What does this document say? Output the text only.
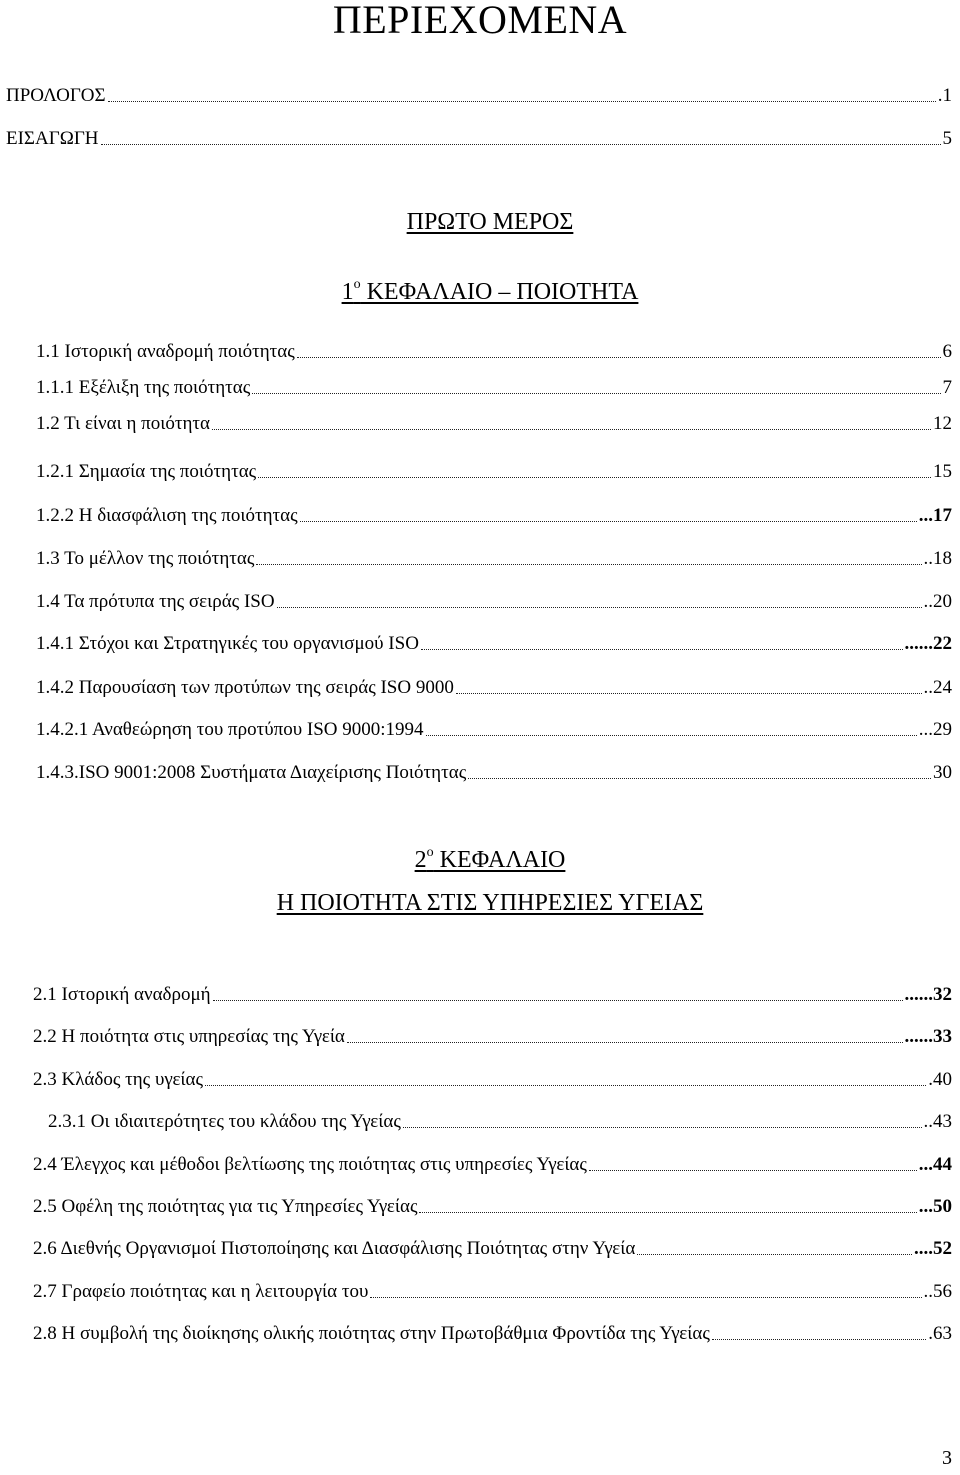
ΠΕΡΙΕΧΟΜΕΝΑ
ΠΡΟΛΟΓΟΣ	.1
ΕΙΣΑΓΩΓΗ	5
ΠΡΩΤΟ ΜΕΡΟΣ
$1^o$ ΚΕΦΑΛΑΙΟ – ΠΟΙΟΤΗΤΑ
1.1 Ιστορική αναδρομή ποιότητας	6
1.1.1 Εξέλιξη της ποιότητας	7
1.2 Τι είναι η ποιότητα	12
1.2.1 Σημασία της ποιότητας	15
1.2.2 Η διασφάλιση της ποιότητας	...17
1.3 Το μέλλον της ποιότητας	..18
1.4 Τα πρότυπα της σειράς ISO	..20
1.4.1 Στόχοι και Στρατηγικές του οργανισμού ISO	......22
1.4.2 Παρουσίαση των προτύπων της σειράς ISO 9000	..24
1.4.2.1 Αναθεώρηση του προτύπου ISO 9000:1994	...29
1.4.3.ISO 9001:2008 Συστήματα Διαχείρισης Ποιότητας	30
$2^o$ ΚΕΦΑΛΑΙΟ
Η ΠΟΙΟΤΗΤΑ ΣΤΙΣ ΥΠΗΡΕΣΙΕΣ ΥΓΕΙΑΣ
2.1 Ιστορική αναδρομή	......32
2.2 Η ποιότητα στις υπηρεσίας της Υγεία	......33
2.3 Κλάδος της υγείας	.40
2.3.1 Οι ιδιαιτερότητες του κλάδου της Υγείας	..43
2.4 Έλεγχος και μέθοδοι βελτίωσης της ποιότητας στις υπηρεσίες Υγείας	...44
2.5 Οφέλη της ποιότητας για τις Υπηρεσίες Υγείας	...50
2.6 Διεθνής Οργανισμοί Πιστοποίησης και Διασφάλισης Ποιότητας στην Υγεία	....52
2.7 Γραφείο ποιότητας και η λειτουργία του	..56
2.8 Η συμβολή της διοίκησης ολικής ποιότητας στην Πρωτοβάθμια Φροντίδα της Υγείας	.63
3
